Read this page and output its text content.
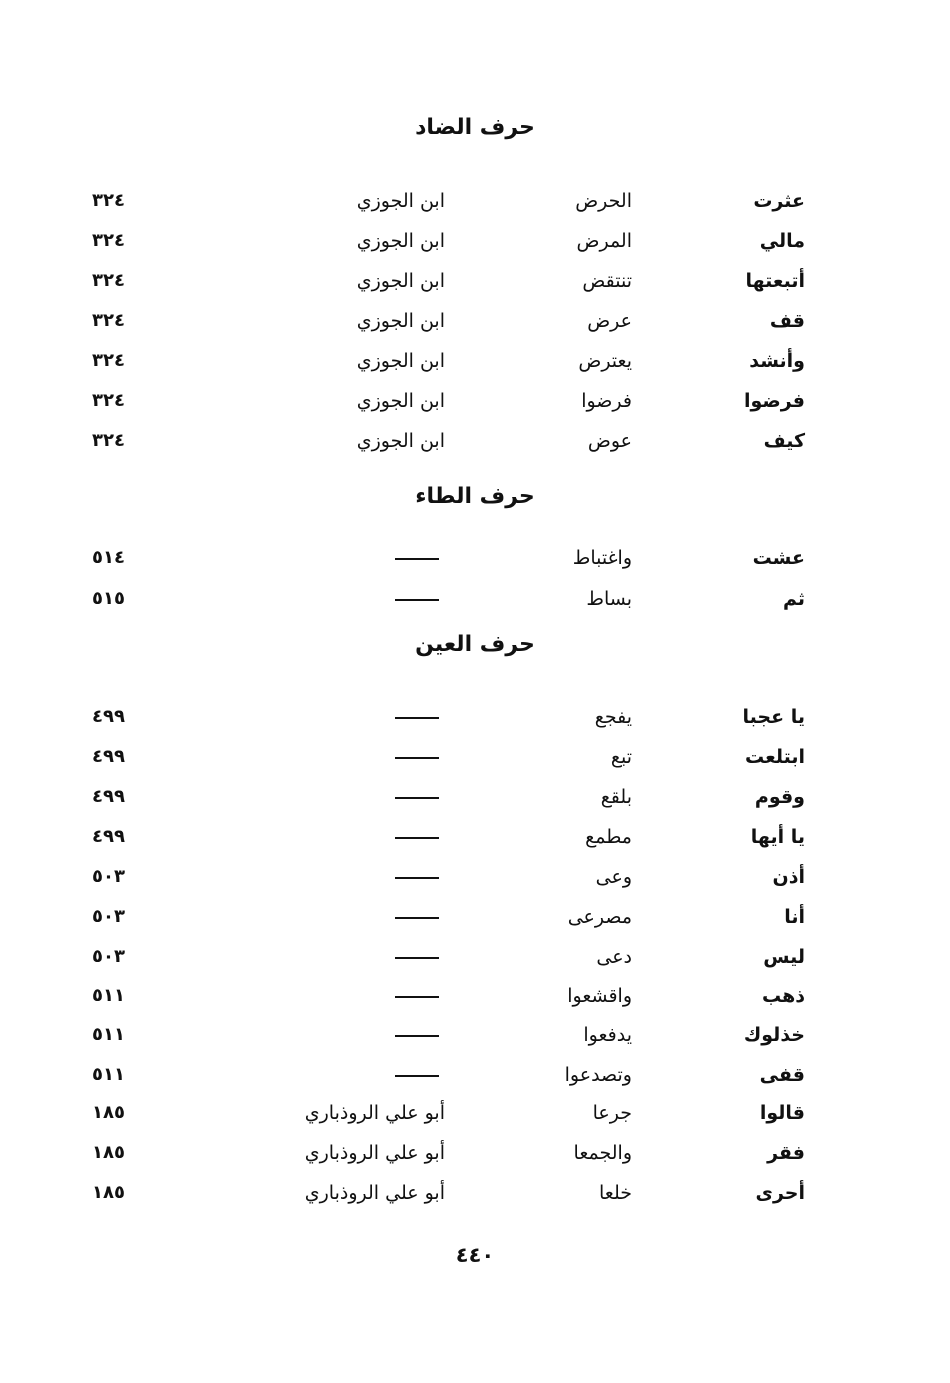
حرف الضاد
عثرت
الحرض
ابن الجوزي
٣٢٤
مالي
المرض
ابن الجوزي
٣٢٤
أتبعتها
تنتقض
ابن الجوزي
٣٢٤
قف
عرض
ابن الجوزي
٣٢٤
وأنشد
يعترض
ابن الجوزي
٣٢٤
فرضوا
فرضوا
ابن الجوزي
٣٢٤
كيف
عوض
ابن الجوزي
٣٢٤
حرف الطاء
عشت
واغتباط
٥١٤
ثم
بساط
٥١٥
حرف العين
يا عجبا
يفجع
٤٩٩
ابتلعت
تبع
٤٩٩
وقوم
بلقع
٤٩٩
يا أيها
مطمع
٤٩٩
أذن
وعى
٥٠٣
أنا
مصرعى
٥٠٣
ليس
دعى
٥٠٣
ذهب
واقشعوا
٥١١
خذلوك
يدفعوا
٥١١
قفى
وتصدعوا
٥١١
قالوا
جرعا
أبو علي الروذباري
١٨٥
فقر
والجمعا
أبو علي الروذباري
١٨٥
أحرى
خلعا
أبو علي الروذباري
١٨٥
٤٤٠
